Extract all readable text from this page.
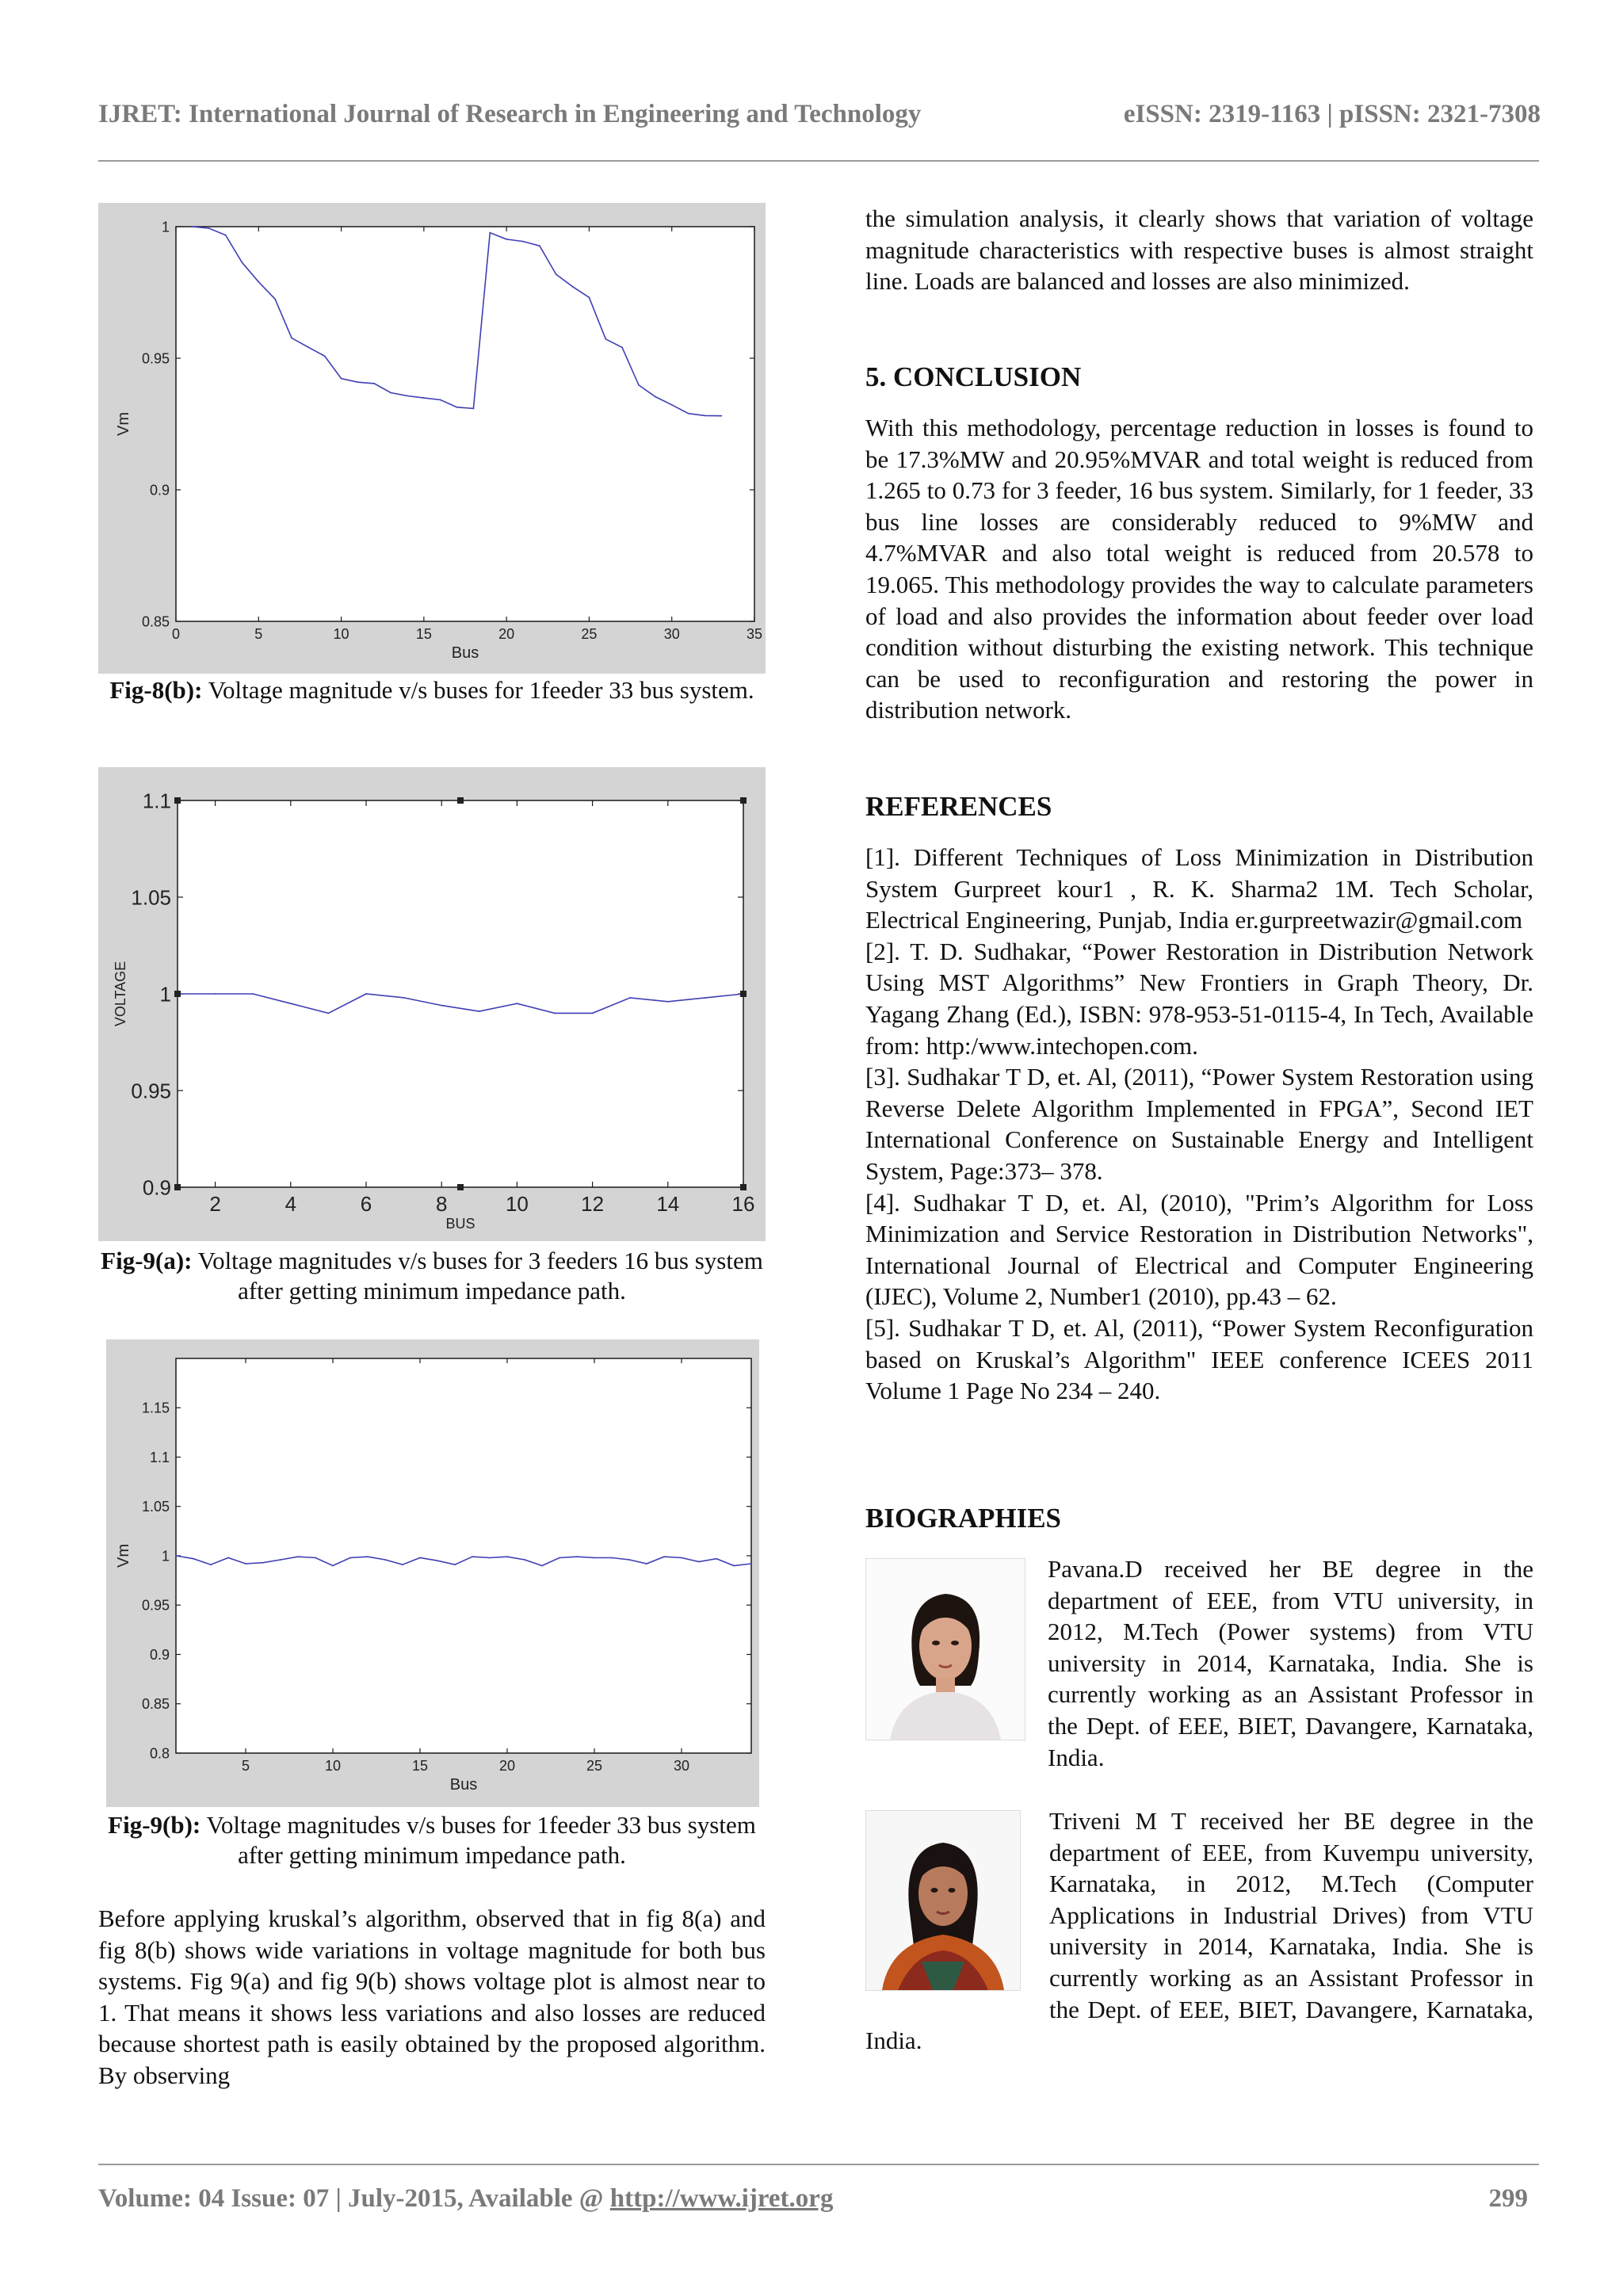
IJRET: International Journal of Research in Engineering and Technology	eISSN: 2319-1163 | pISSN: 2321-7308
0	5	10	15	20	25	30	35
0.85
0.9
0.95
1
Bus
Vm
Fig-8(b): Voltage magnitude v/s buses for 1feeder 33 bus system.
2	4	6	8	10	12	14	16
0.9
0.95
1
1.05
1.1
BUS
VOLTAGE
Fig-9(a): Voltage magnitudes v/s buses for 3 feeders 16 bus system after getting minimum impedance path.
5	10	15	20	25	30
0.8
0.85
0.9
0.95
1
1.05
1.1
1.15
Bus
Vm
Fig-9(b): Voltage magnitudes v/s buses for 1feeder 33 bus system after getting minimum impedance path.

Before applying kruskal’s algorithm, observed that in fig 8(a) and fig 8(b) shows wide variations in voltage magnitude for both bus systems. Fig 9(a) and fig 9(b) shows voltage plot is almost near to 1. That means it shows less variations and also losses are reduced because shortest path is easily obtained by the proposed algorithm. By observing

the simulation analysis, it clearly shows that variation of voltage magnitude characteristics with respective buses is almost straight line. Loads are balanced and losses are also minimized.

5. CONCLUSION

With this methodology, percentage reduction in losses is found to be 17.3%MW and 20.95%MVAR and total weight is reduced from 1.265 to 0.73 for 3 feeder, 16 bus system. Similarly, for 1 feeder, 33 bus line losses are considerably reduced to 9%MW and 4.7%MVAR and also total weight is reduced from 20.578 to 19.065. This methodology provides the way to calculate parameters of load and also provides the information about feeder over load condition without disturbing the existing network. This technique can be used to reconfiguration and restoring the power in distribution network.

REFERENCES

[1]. Different Techniques of Loss Minimization in Distribution System Gurpreet kour1 , R. K. Sharma2 1M. Tech Scholar, Electrical Engineering, Punjab, India er.gurpreetwazir@gmail.com

[2]. T. D. Sudhakar, “Power Restoration in Distribution Network Using MST Algorithms” New Frontiers in Graph Theory, Dr. Yagang Zhang (Ed.), ISBN: 978-953-51-0115-4, In Tech, Available from: http:/www.intechopen.com.

[3]. Sudhakar T D, et. Al, (2011), “Power System Restoration using Reverse Delete Algorithm Implemented in FPGA”, Second IET International Conference on Sustainable Energy and Intelligent System, Page:373– 378.

[4]. Sudhakar T D, et. Al, (2010), "Prim’s Algorithm for Loss Minimization and Service Restoration in Distribution Networks", International Journal of Electrical and Computer Engineering (IJEC), Volume 2, Number1 (2010), pp.43 – 62.

[5]. Sudhakar T D, et. Al, (2011), “Power System Reconfiguration based on Kruskal’s Algorithm" IEEE conference ICEES 2011 Volume 1 Page No 234 – 240.

BIOGRAPHIES

Pavana.D received her BE degree in the department of EEE, from VTU university, in 2012, M.Tech (Power systems) from VTU university in 2014, Karnataka, India. She is currently working as an Assistant Professor in the Dept. of EEE, BIET, Davangere, Karnataka, India.

Triveni M T received her BE degree in the department of EEE, from Kuvempu university, Karnataka, in 2012, M.Tech (Computer Applications in Industrial Drives) from VTU university in 2014, Karnataka, India. She is currently working as an Assistant Professor in the Dept. of EEE, BIET, Davangere, Karnataka, India.

Volume: 04 Issue: 07 | July-2015, Available @ http://www.ijret.org	299
